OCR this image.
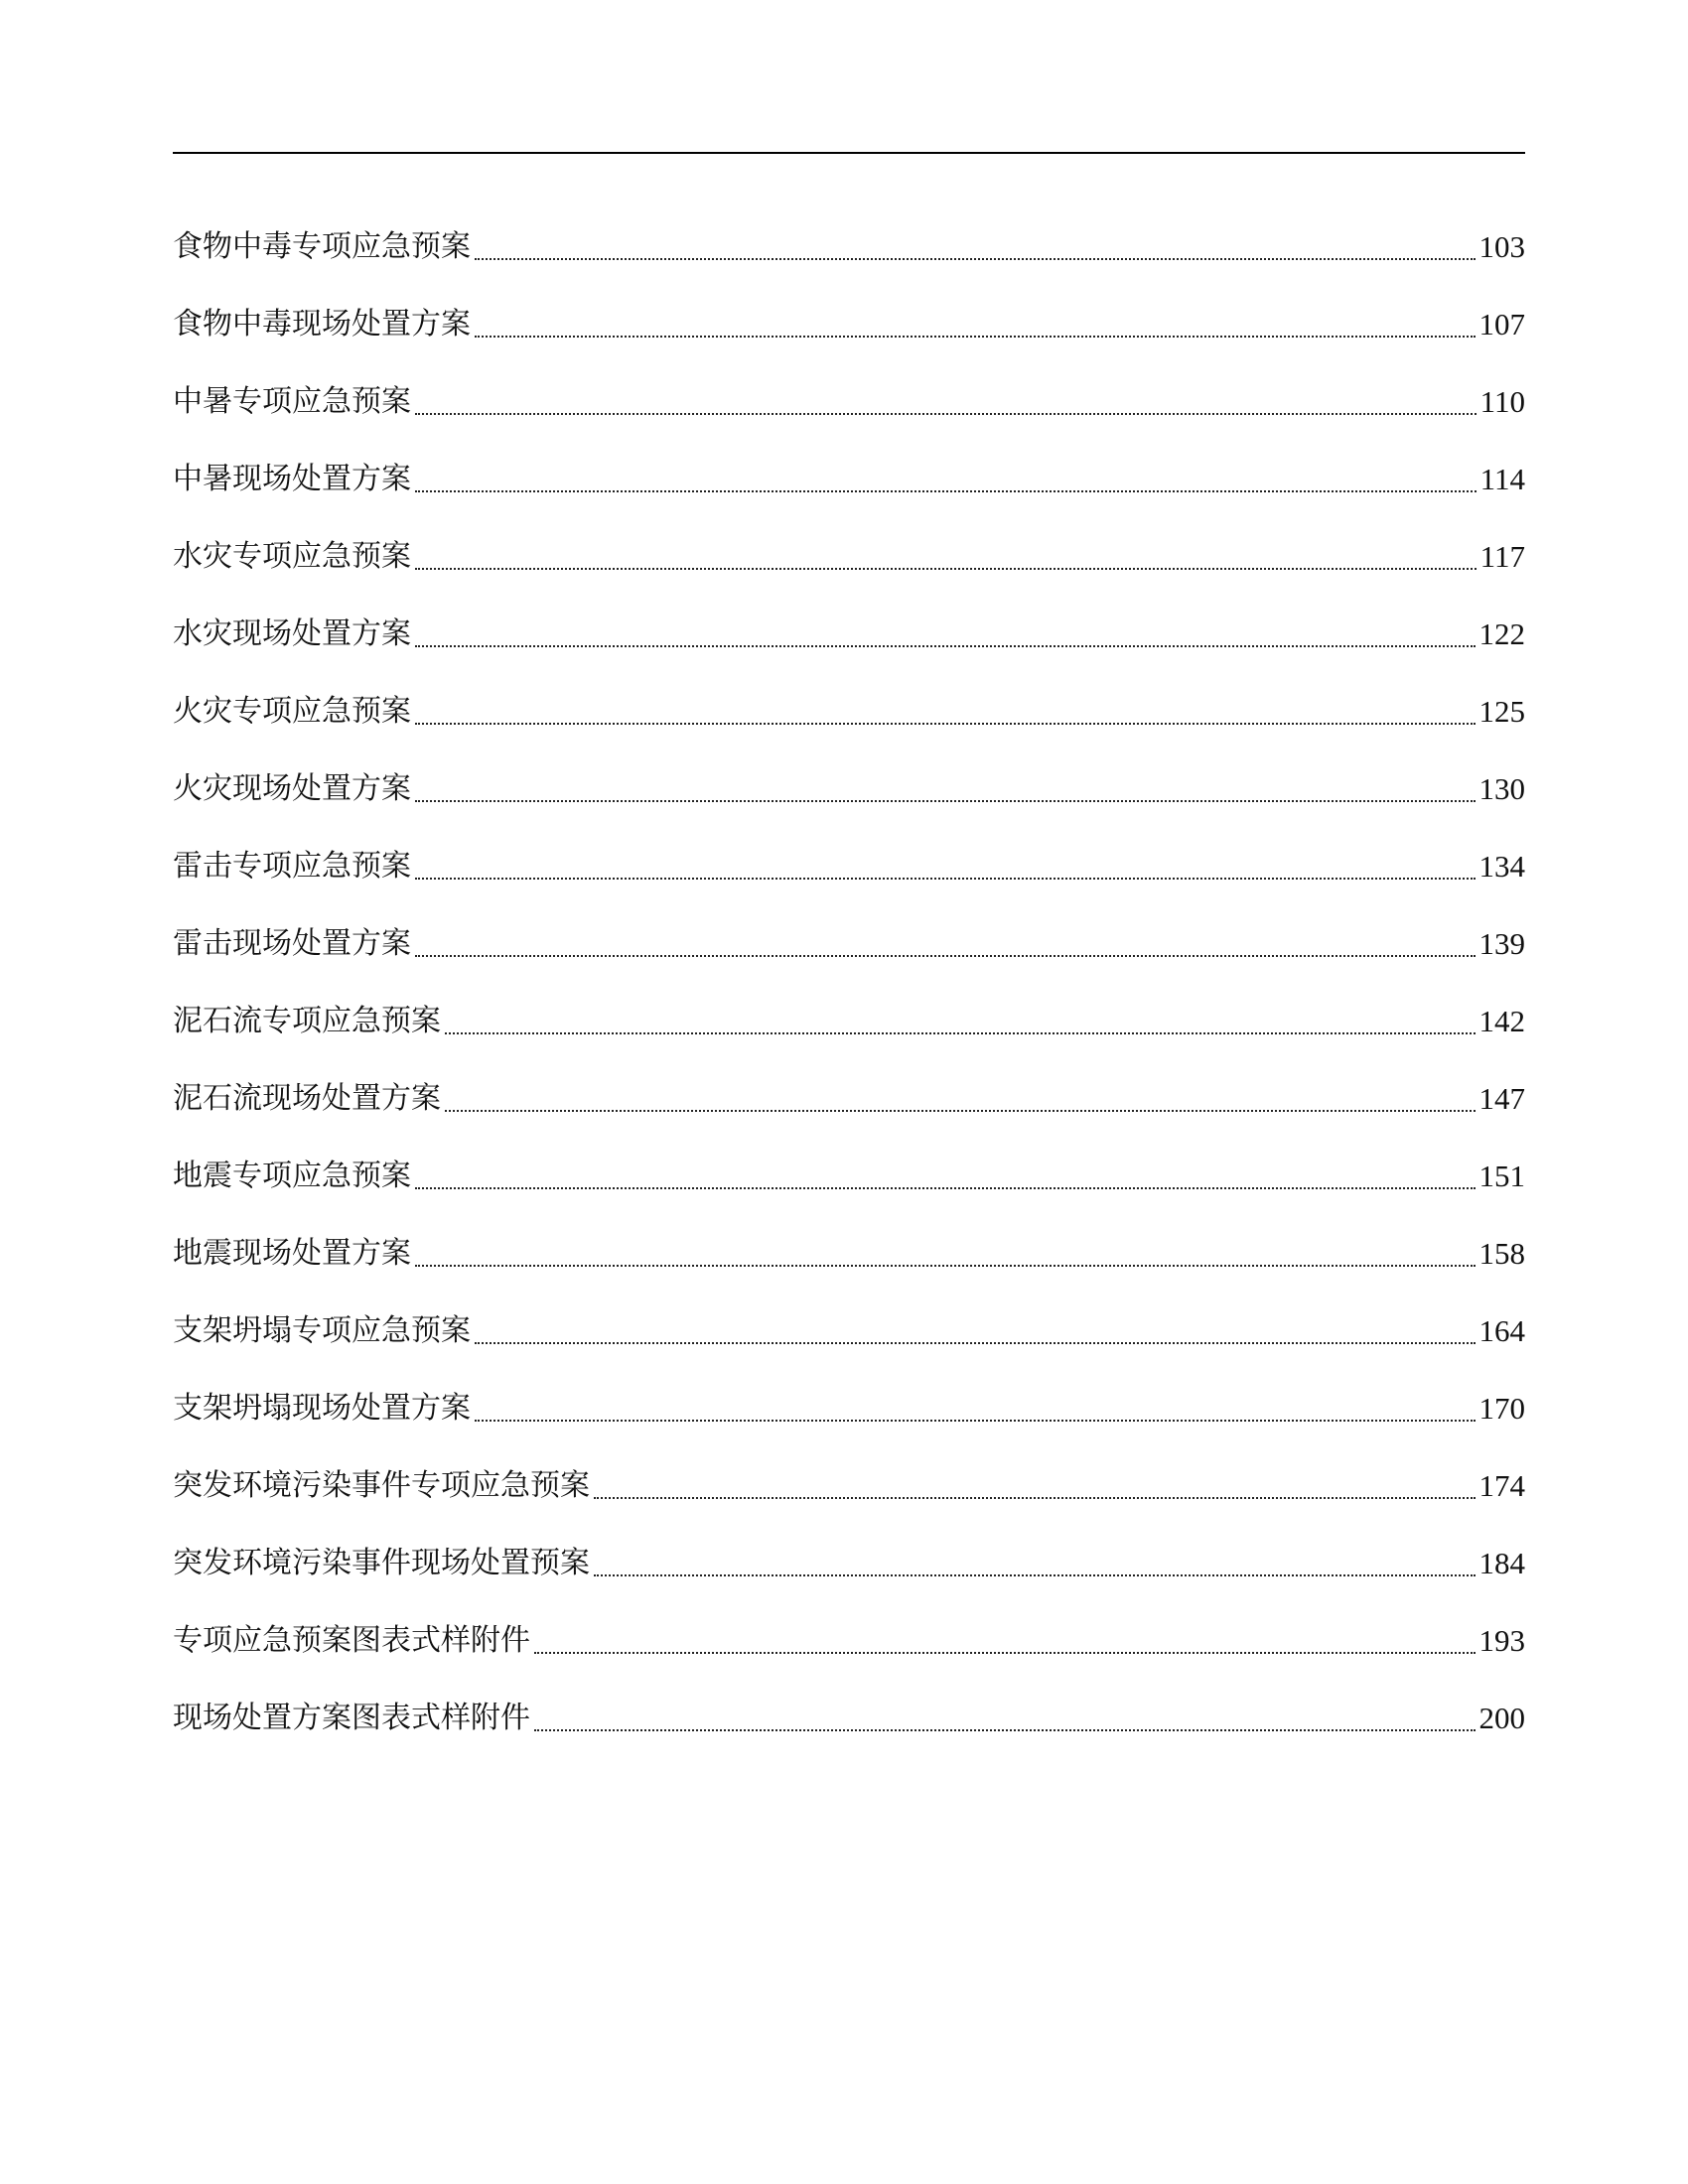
食物中毒专项应急预案	103
食物中毒现场处置方案	107
中暑专项应急预案	110
中暑现场处置方案	114
水灾专项应急预案	117
水灾现场处置方案	122
火灾专项应急预案	125
火灾现场处置方案	130
雷击专项应急预案	134
雷击现场处置方案	139
泥石流专项应急预案	142
泥石流现场处置方案	147
地震专项应急预案	151
地震现场处置方案	158
支架坍塌专项应急预案	164
支架坍塌现场处置方案	170
突发环境污染事件专项应急预案	174
突发环境污染事件现场处置预案	184
专项应急预案图表式样附件	193
现场处置方案图表式样附件	200
